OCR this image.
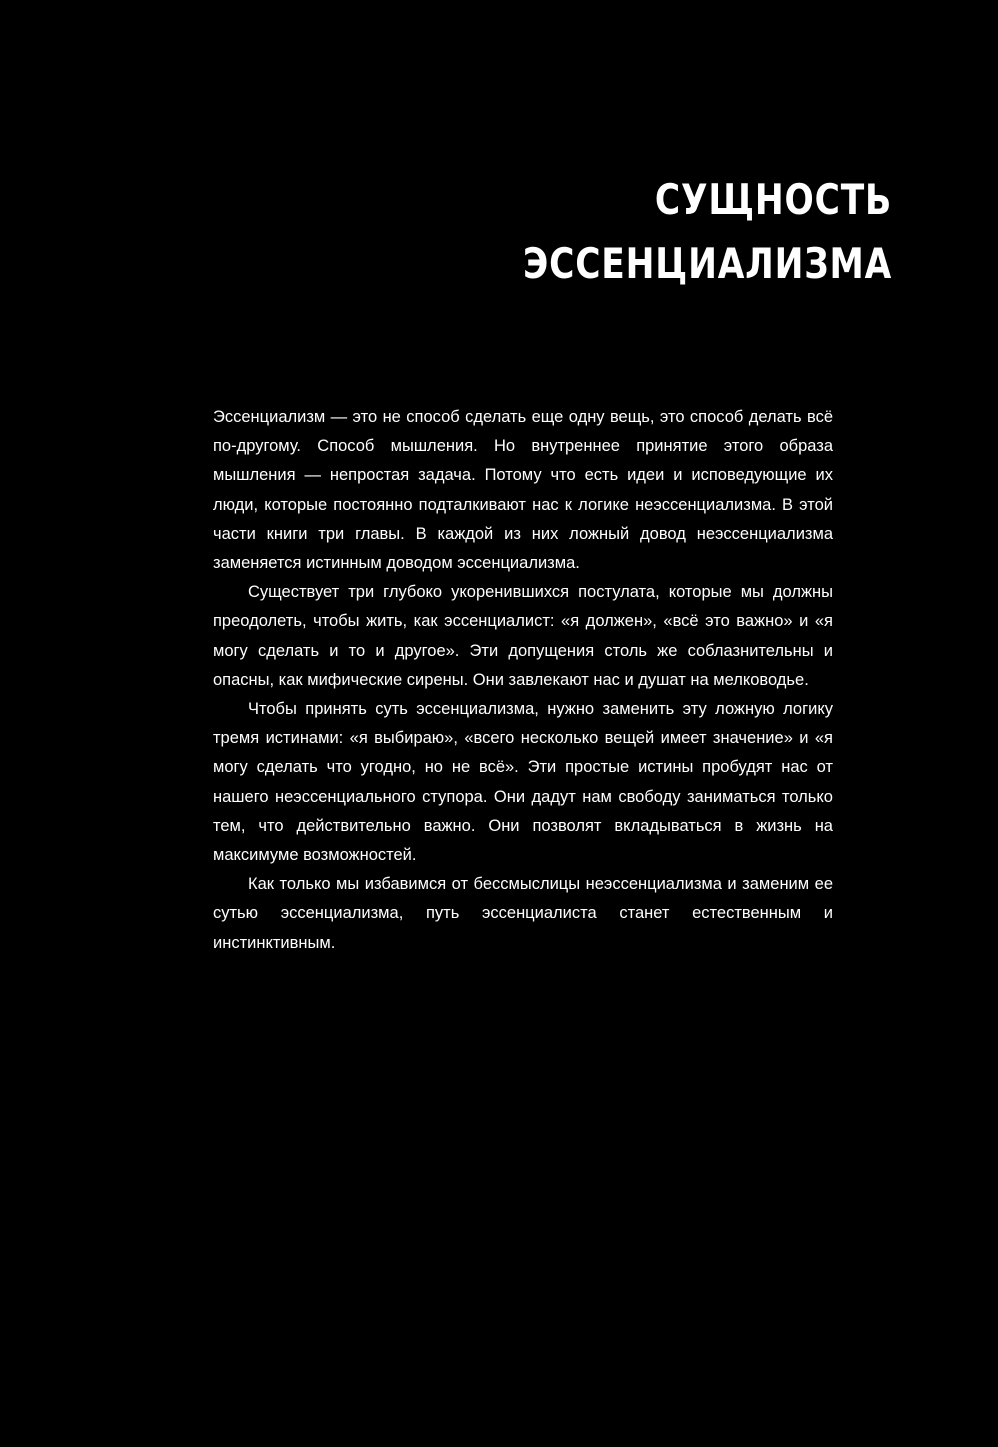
СУЩНОСТЬ
ЭССЕНЦИАЛИЗМА

Эссенциализм — это не способ сделать еще одну вещь, это способ делать всё по-другому. Способ мышления. Но внутреннее принятие этого образа мышления — непростая задача. Потому что есть идеи и исповедующие их люди, которые постоянно подталкивают нас к логике неэссенциализма. В этой части книги три главы. В каждой из них ложный довод неэссенциализма заменяется истинным доводом эссенциализма.

Существует три глубоко укоренившихся постулата, которые мы должны преодолеть, чтобы жить, как эссенциалист: «я должен», «всё это важно» и «я могу сделать и то и другое». Эти допущения столь же соблазнительны и опасны, как мифические сирены. Они завлекают нас и душат на мелководье.

Чтобы принять суть эссенциализма, нужно заменить эту ложную логику тремя истинами: «я выбираю», «всего несколько вещей имеет значение» и «я могу сделать что угодно, но не всё». Эти простые истины пробудят нас от нашего неэссенциального ступора. Они дадут нам свободу заниматься только тем, что действительно важно. Они позволят вкладываться в жизнь на максимуме возможностей.

Как только мы избавимся от бессмыслицы неэссенциализма и заменим ее сутью эссенциализма, путь эссенциалиста станет естественным и инстинктивным.
